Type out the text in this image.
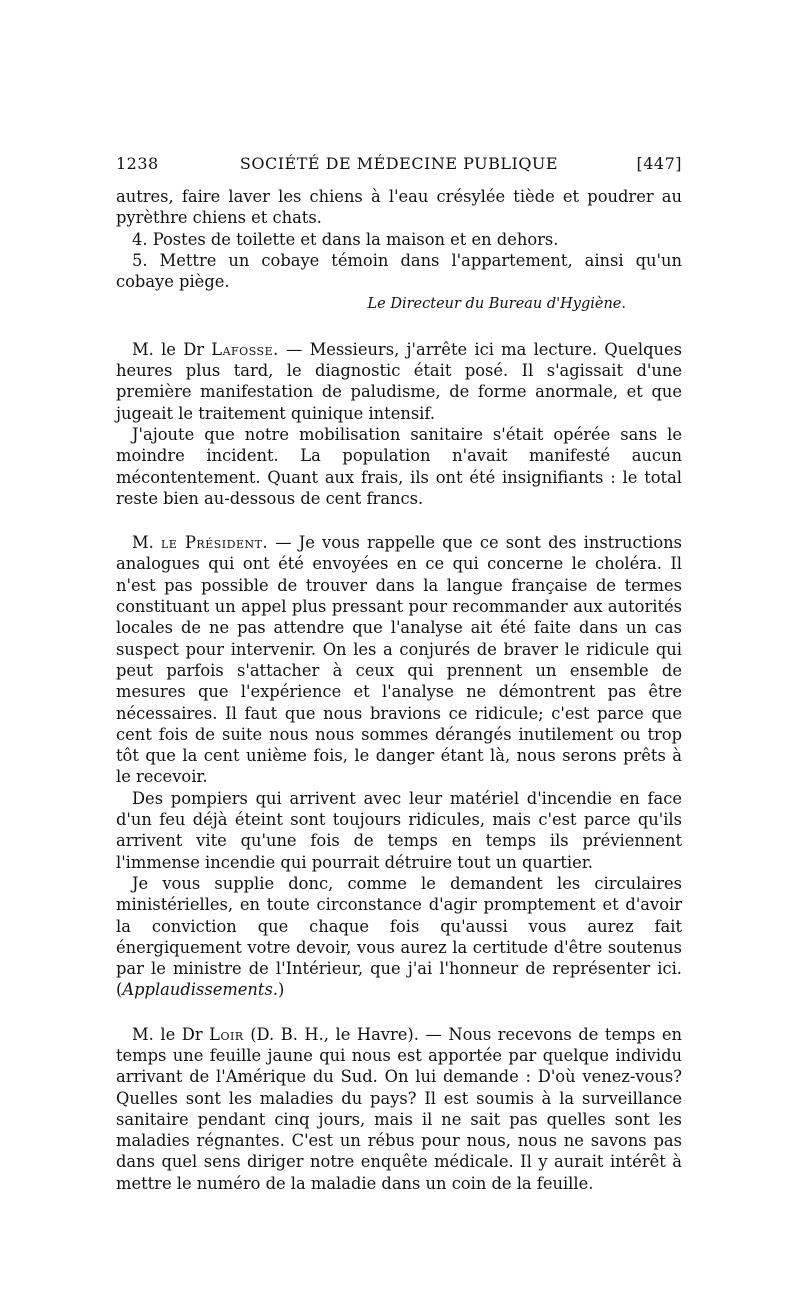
1238	SOCIÉTÉ DE MÉDECINE PUBLIQUE	[447]

autres, faire laver les chiens à l'eau crésylée tiède et poudrer au pyrèthre chiens et chats.

4. Postes de toilette et dans la maison et en dehors.

5. Mettre un cobaye témoin dans l'appartement, ainsi qu'un cobaye piège.

Le Directeur du Bureau d'Hygiène.

M. le Dr Lafosse. — Messieurs, j'arrête ici ma lecture. Quelques heures plus tard, le diagnostic était posé. Il s'agissait d'une première manifestation de paludisme, de forme anormale, et que jugeait le traitement quinique intensif.

J'ajoute que notre mobilisation sanitaire s'était opérée sans le moindre incident. La population n'avait manifesté aucun mécontentement. Quant aux frais, ils ont été insignifiants : le total reste bien au-dessous de cent francs.

M. le Président. — Je vous rappelle que ce sont des instructions analogues qui ont été envoyées en ce qui concerne le choléra. Il n'est pas possible de trouver dans la langue française de termes constituant un appel plus pressant pour recommander aux autorités locales de ne pas attendre que l'analyse ait été faite dans un cas suspect pour intervenir. On les a conjurés de braver le ridicule qui peut parfois s'attacher à ceux qui prennent un ensemble de mesures que l'expérience et l'analyse ne démontrent pas être nécessaires. Il faut que nous bravions ce ridicule; c'est parce que cent fois de suite nous nous sommes dérangés inutilement ou trop tôt que la cent unième fois, le danger étant là, nous serons prêts à le recevoir.

Des pompiers qui arrivent avec leur matériel d'incendie en face d'un feu déjà éteint sont toujours ridicules, mais c'est parce qu'ils arrivent vite qu'une fois de temps en temps ils préviennent l'immense incendie qui pourrait détruire tout un quartier.

Je vous supplie donc, comme le demandent les circulaires ministérielles, en toute circonstance d'agir promptement et d'avoir la conviction que chaque fois qu'aussi vous aurez fait énergiquement votre devoir, vous aurez la certitude d'être soutenus par le ministre de l'Intérieur, que j'ai l'honneur de représenter ici. (Applaudissements.)

M. le Dr Loir (D. B. H., le Havre). — Nous recevons de temps en temps une feuille jaune qui nous est apportée par quelque individu arrivant de l'Amérique du Sud. On lui demande : D'où venez-vous? Quelles sont les maladies du pays? Il est soumis à la surveillance sanitaire pendant cinq jours, mais il ne sait pas quelles sont les maladies régnantes. C'est un rébus pour nous, nous ne savons pas dans quel sens diriger notre enquête médicale. Il y aurait intérêt à mettre le numéro de la maladie dans un coin de la feuille.
